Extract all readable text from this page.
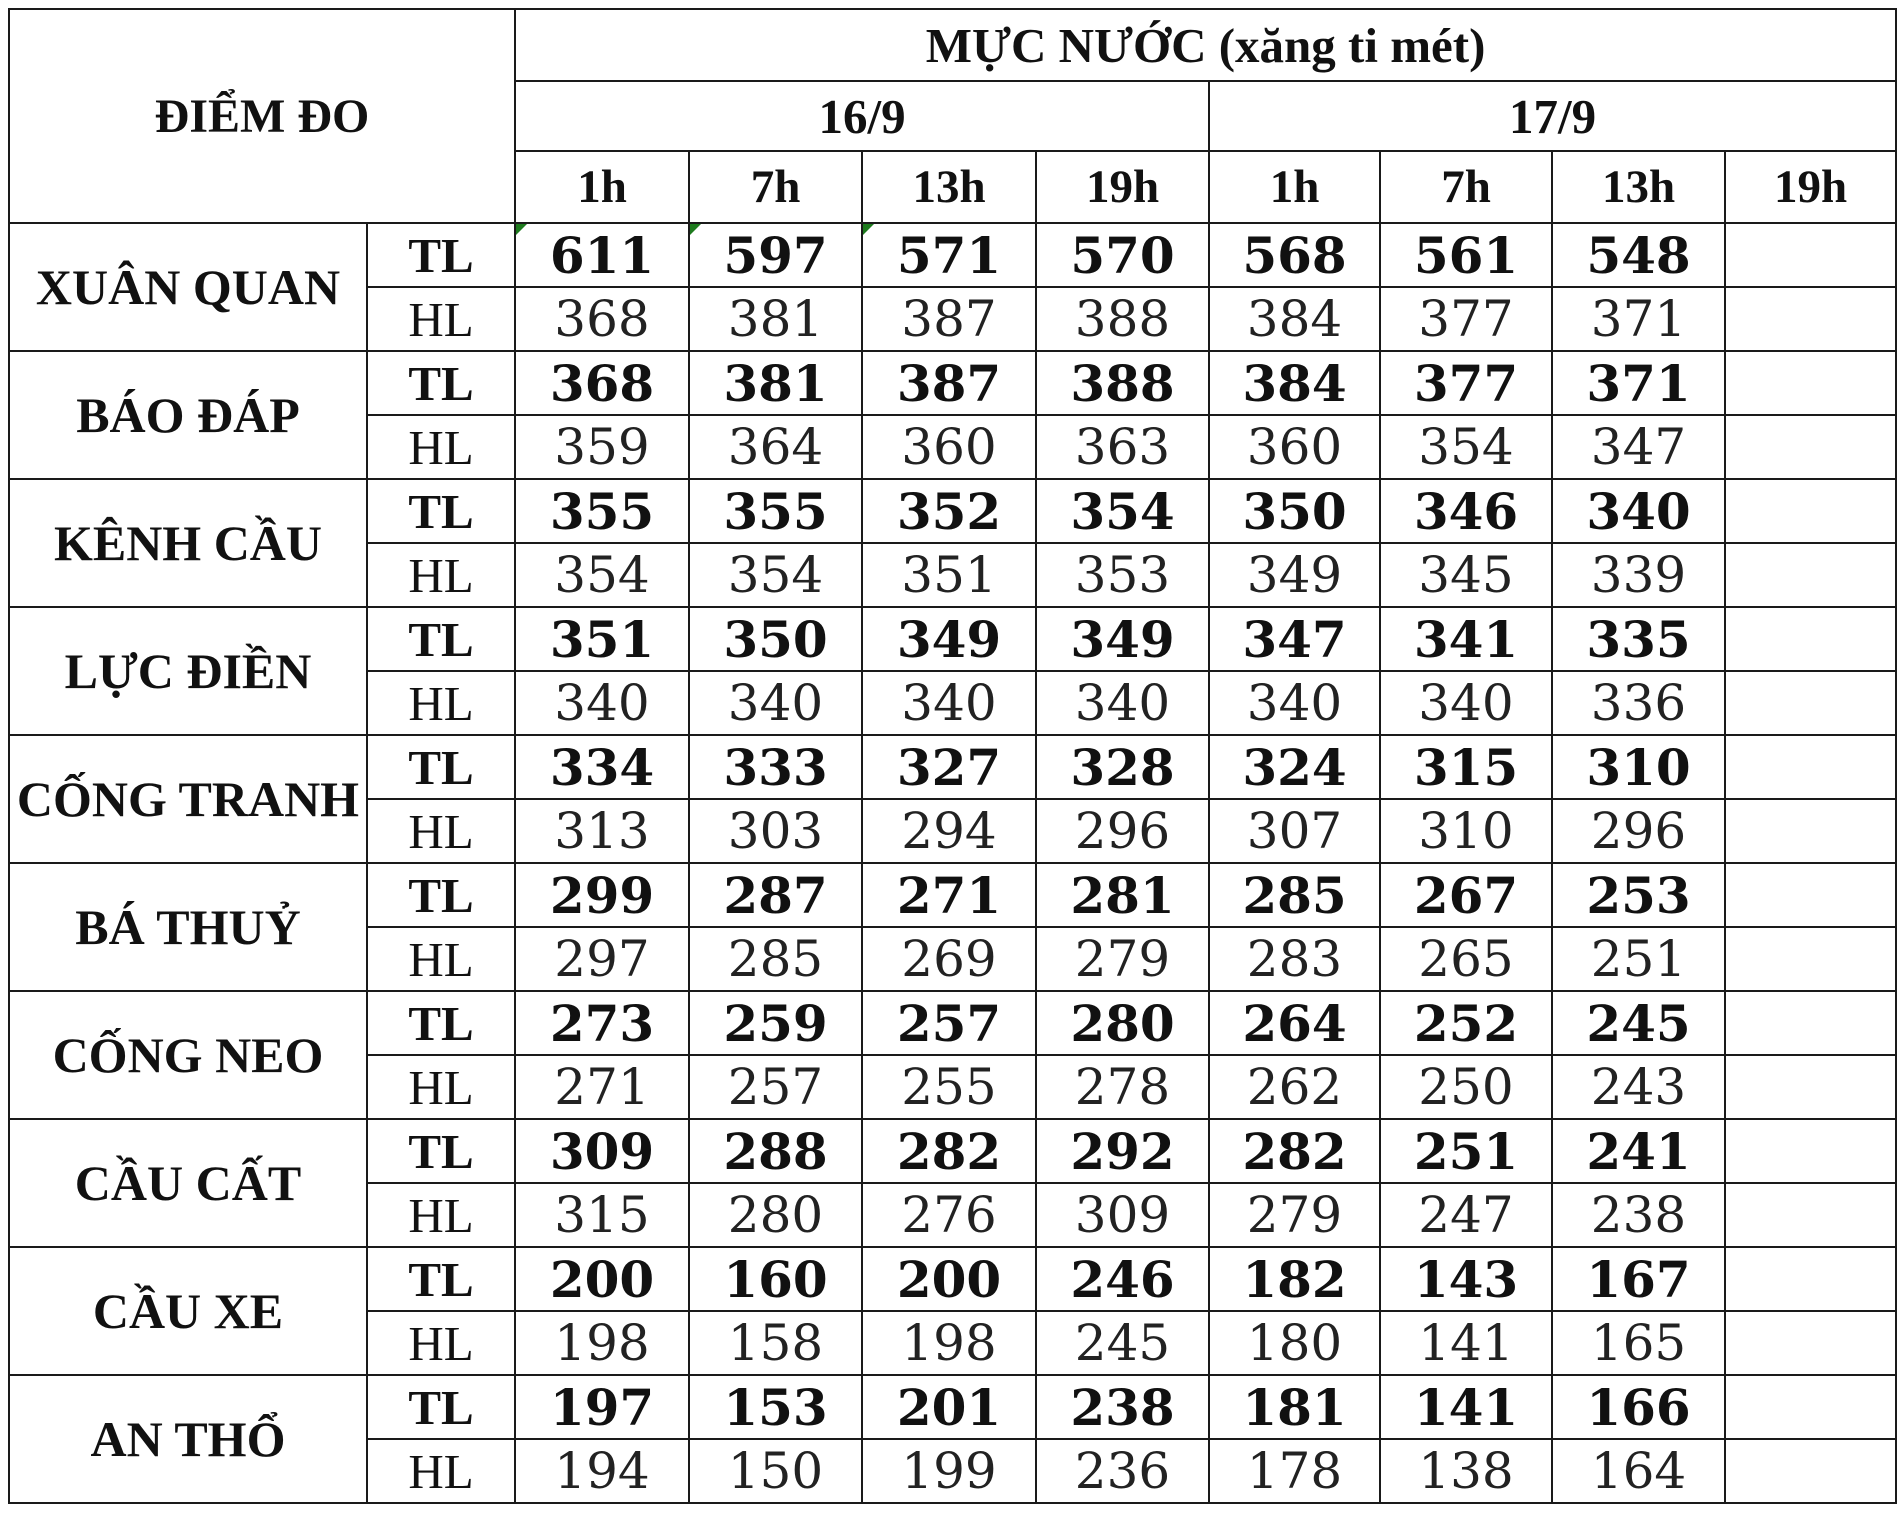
ĐIỂM ĐO		MỰC NƯỚC (xăng ti mét)							
		16/9				17/9			
		1h	7h	13h	19h	1h	7h	13h	19h
XUÂN QUAN	TL	611	597	571	570	568	561	548	
	HL	368	381	387	388	384	377	371	
BÁO ĐÁP	TL	368	381	387	388	384	377	371	
	HL	359	364	360	363	360	354	347	
KÊNH CẦU	TL	355	355	352	354	350	346	340	
	HL	354	354	351	353	349	345	339	
LỰC ĐIỀN	TL	351	350	349	349	347	341	335	
	HL	340	340	340	340	340	340	336	
CỐNG TRANH	TL	334	333	327	328	324	315	310	
	HL	313	303	294	296	307	310	296	
BÁ THUỶ	TL	299	287	271	281	285	267	253	
	HL	297	285	269	279	283	265	251	
CỐNG NEO	TL	273	259	257	280	264	252	245	
	HL	271	257	255	278	262	250	243	
CẦU CẤT	TL	309	288	282	292	282	251	241	
	HL	315	280	276	309	279	247	238	
CẦU XE	TL	200	160	200	246	182	143	167	
	HL	198	158	198	245	180	141	165	
AN THỔ	TL	197	153	201	238	181	141	166	
	HL	194	150	199	236	178	138	164	
